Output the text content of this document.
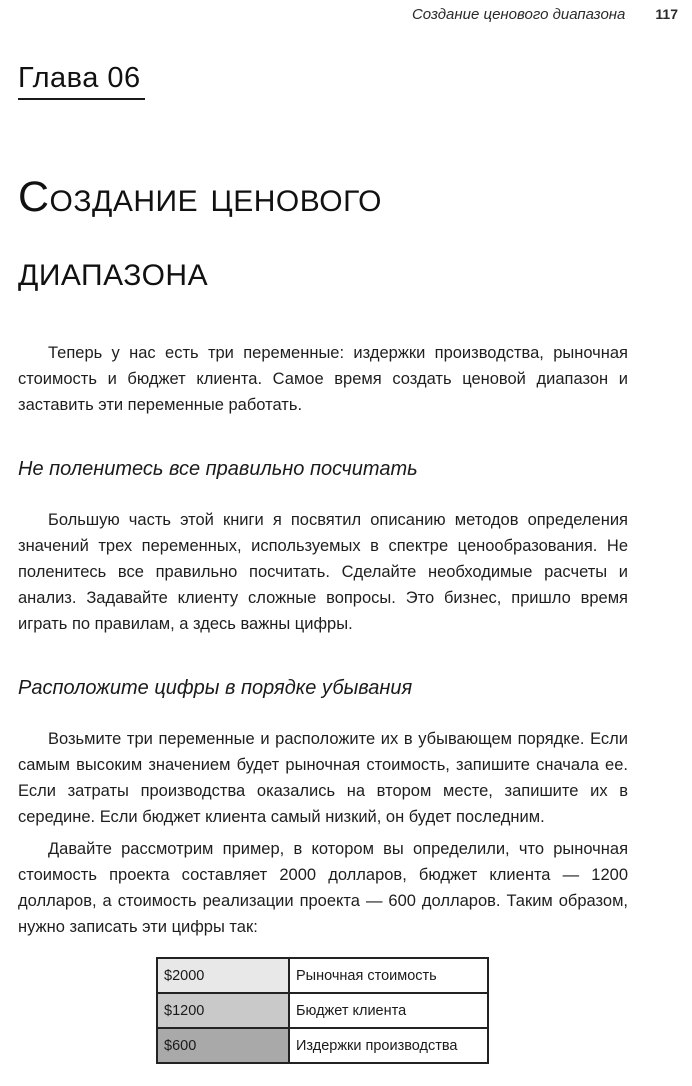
Создание ценового диапазона 117
Глава 06
Создание ценового
диапазона

Теперь у нас есть три переменные: издержки производства, рыночная стоимость и бюджет клиента. Самое время создать ценовой диапазон и заставить эти переменные работать.

Не поленитесь все правильно посчитать

Большую часть этой книги я посвятил описанию методов определения значений трех переменных, используемых в спектре ценообразования. Не поленитесь все правильно посчитать. Сделайте необходимые расчеты и анализ. Задавайте клиенту сложные вопросы. Это бизнес, пришло время играть по правилам, а здесь важны цифры.

Расположите цифры в порядке убывания

Возьмите три переменные и расположите их в убывающем порядке. Если самым высоким значением будет рыночная стоимость, запишите сначала ее. Если затраты производства оказались на втором месте, запишите их в середине. Если бюджет клиента самый низкий, он будет последним.

Давайте рассмотрим пример, в котором вы определили, что рыночная стоимость проекта составляет 2000 долларов, бюджет клиента — 1200 долларов, а стоимость реализации проекта — 600 долларов. Таким образом, нужно записать эти цифры так:

$2000	Рыночная стоимость
$1200	Бюджет клиента
$600	Издержки производства
